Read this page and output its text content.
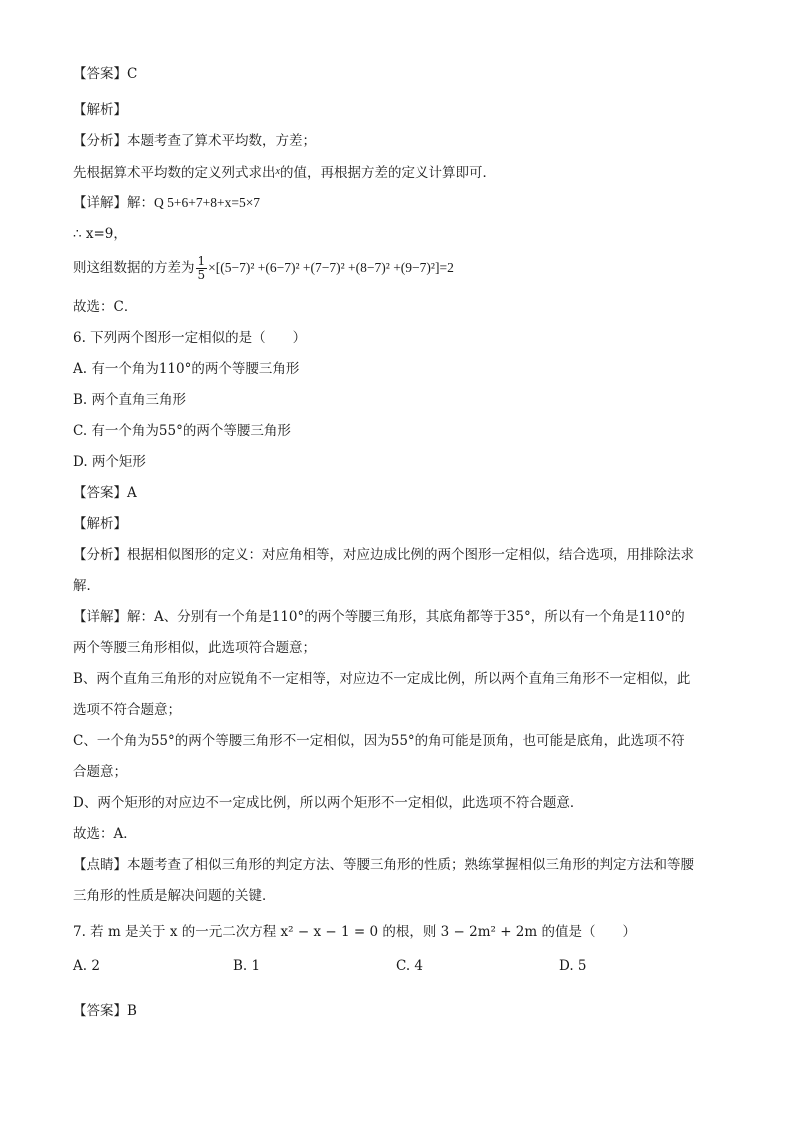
【答案】C
【解析】
【分析】本题考查了算术平均数，方差；
先根据算术平均数的定义列式求出$^x$的值，再根据方差的定义计算即可．
【详解】解：Q 5+6+7+8+x=5×7
∴ x=9，
则这组数据的方差为 $\frac{1}{5} \times[(5-7)^2 +(6-7)^2 +(7-7)^2 +(8-7)^2 +(9-7)^2]=2$
故选：C．
6. 下列两个图形一定相似的是（　　）
A. 有一个角为110°的两个等腰三角形
B. 两个直角三角形
C. 有一个角为55°的两个等腰三角形
D. 两个矩形
【答案】A
【解析】
【分析】根据相似图形的定义：对应角相等，对应边成比例的两个图形一定相似，结合选项，用排除法求
解．
【详解】解：A、分别有一个角是110°的两个等腰三角形，其底角都等于35°，所以有一个角是110°的
两个等腰三角形相似，此选项符合题意；
B、两个直角三角形的对应锐角不一定相等，对应边不一定成比例，所以两个直角三角形不一定相似，此
选项不符合题意；
C、一个角为55°的两个等腰三角形不一定相似，因为55°的角可能是顶角，也可能是底角，此选项不符
合题意；
D、两个矩形的对应边不一定成比例，所以两个矩形不一定相似，此选项不符合题意．
故选：A．
【点睛】本题考查了相似三角形的判定方法、等腰三角形的性质；熟练掌握相似三角形的判定方法和等腰
三角形的性质是解决问题的关键．
7. 若 m 是关于 x 的一元二次方程 x² − x − 1 = 0 的根，则 3 − 2m² + 2m 的值是（　　）
A. 2	B. 1	C. 4	D. 5
【答案】B
